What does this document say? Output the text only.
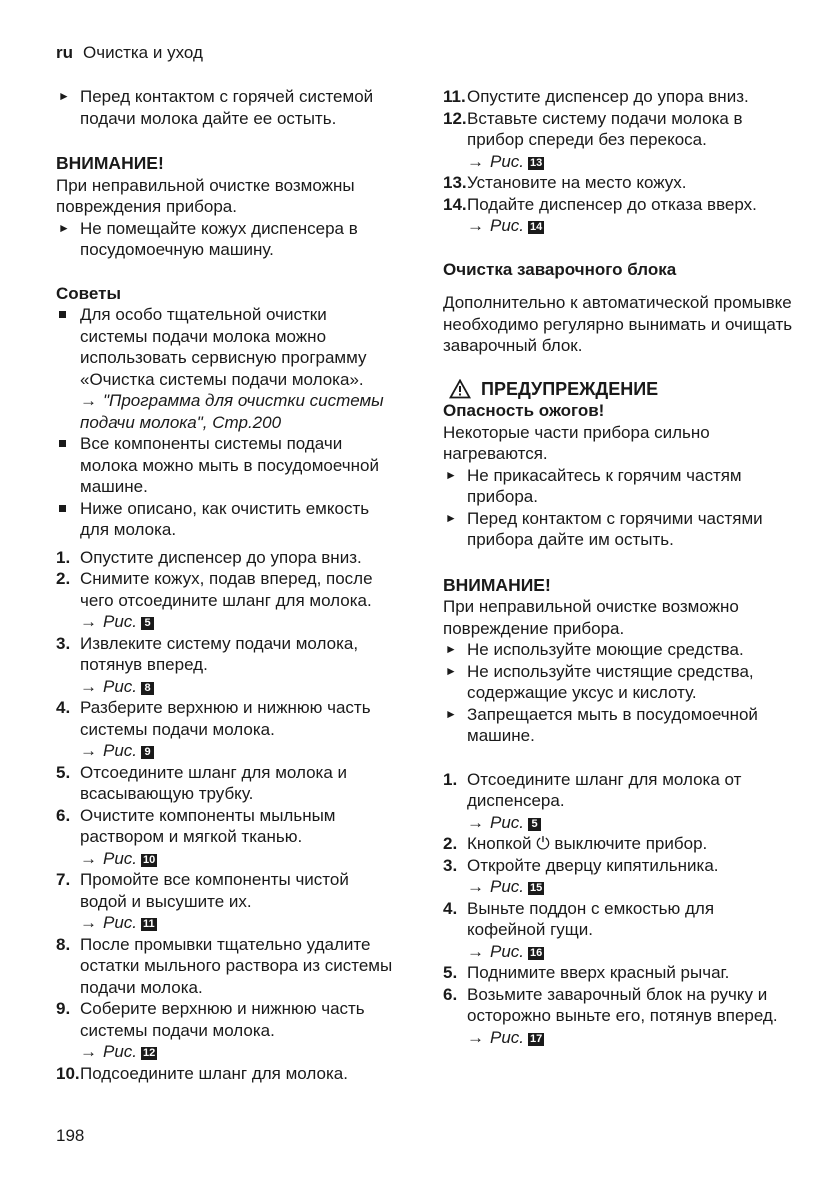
ru Очистка и уход
► Перед контактом с горячей системой подачи молока дайте ее остыть.

ВНИМАНИЕ!

При неправильной очистке возможны повреждения прибора.

► Не помещайте кожух диспенсера в посудомоечную машину.

Советы

Для особо тщательной очистки системы подачи молока можно использовать сервисную программу «Очистка системы подачи молока».
→ "Программа для очистки системы подачи молока", Стр.200
Все компоненты системы подачи молока можно мыть в посудомоечной машине.
Ниже описано, как очистить емкость для молока.
1. Опустите диспенсер до упора вниз.
2. Снимите кожух, подав вперед, после чего отсоедините шланг для молока.
→ Рис. 5
3. Извлеките систему подачи молока, потянув вперед.
→ Рис. 8
4. Разберите верхнюю и нижнюю часть системы подачи молока.
→ Рис. 9
5. Отсоедините шланг для молока и всасывающую трубку.
6. Очистите компоненты мыльным раствором и мягкой тканью.
→ Рис. 10
7. Промойте все компоненты чистой водой и высушите их.
→ Рис. 11
8. После промывки тщательно удалите остатки мыльного раствора из системы подачи молока.
9. Соберите верхнюю и нижнюю часть системы подачи молока.
→ Рис. 12
10. Подсоедините шланг для молока.
11. Опустите диспенсер до упора вниз.
12. Вставьте систему подачи молока в прибор спереди без перекоса.
→ Рис. 13
13. Установите на место кожух.
14. Подайте диспенсер до отказа вверх.
→ Рис. 14

Очистка заварочного блока

Дополнительно к автоматической промывке необходимо регулярно вынимать и очищать заварочный блок.

ПРЕДУПРЕЖДЕНИЕ

Опасность ожогов!

Некоторые части прибора сильно нагреваются.

► Не прикасайтесь к горячим частям прибора.
► Перед контактом с горячими частями прибора дайте им остыть.

ВНИМАНИЕ!

При неправильной очистке возможно повреждение прибора.

► Не используйте моющие средства.
► Не используйте чистящие средства, содержащие уксус и кислоту.
► Запрещается мыть в посудомоечной машине.
1. Отсоедините шланг для молока от диспенсера.
→ Рис. 5
2. Кнопкой ⏻ выключите прибор.
3. Откройте дверцу кипятильника.
→ Рис. 15
4. Выньте поддон с емкостью для кофейной гущи.
→ Рис. 16
5. Поднимите вверх красный рычаг.
6. Возьмите заварочный блок на ручку и осторожно выньте его, потянув вперед.
→ Рис. 17
198
